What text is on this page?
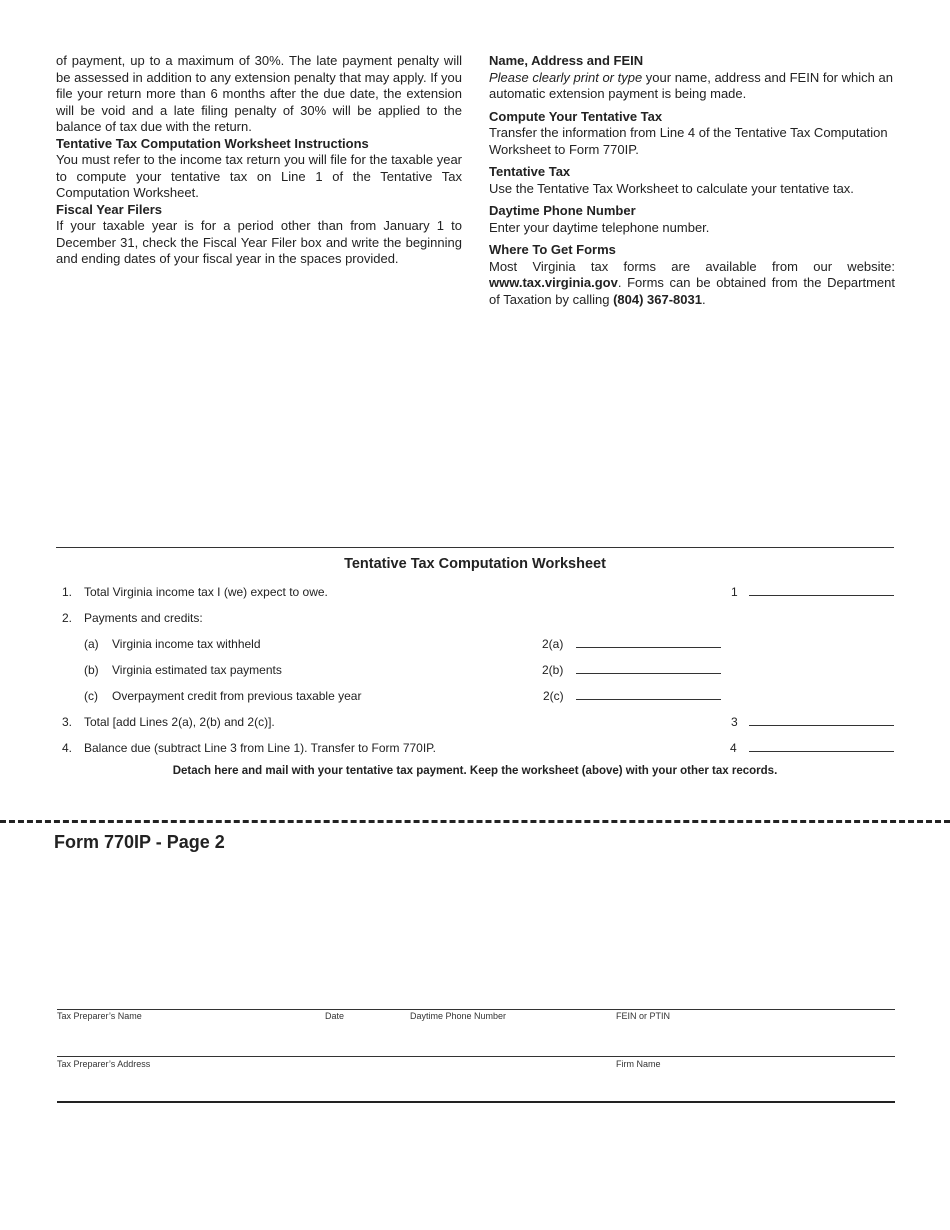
of payment, up to a maximum of 30%. The late payment penalty will be assessed in addition to any extension penalty that may apply. If you file your return more than 6 months after the due date, the extension will be void and a late filing penalty of 30% will be applied to the balance of tax due with the return.

Tentative Tax Computation Worksheet Instructions

You must refer to the income tax return you will file for the taxable year to compute your tentative tax on Line 1 of the Tentative Tax Computation Worksheet.

Fiscal Year Filers

If your taxable year is for a period other than from January 1 to December 31, check the Fiscal Year Filer box and write the beginning and ending dates of your fiscal year in the spaces provided.

Name, Address and FEIN

Please clearly print or type your name, address and FEIN for which an automatic extension payment is being made.

Compute Your Tentative Tax

Transfer the information from Line 4 of the Tentative Tax Computation Worksheet to Form 770IP.

Tentative Tax

Use the Tentative Tax Worksheet to calculate your tentative tax.

Daytime Phone Number

Enter your daytime telephone number.

Where To Get Forms

Most Virginia tax forms are available from our website: www.tax.virginia.gov. Forms can be obtained from the Department of Taxation by calling (804) 367-8031.

Tentative Tax Computation Worksheet
1. Total Virginia income tax I (we) expect to owe.	1
2. Payments and credits:
(a) Virginia income tax withheld	2(a)
(b) Virginia estimated tax payments	2(b)
(c) Overpayment credit from previous taxable year	2(c)
3. Total [add Lines 2(a), 2(b) and 2(c)].	3
4. Balance due (subtract Line 3 from Line 1). Transfer to Form 770IP.	4
Detach here and mail with your tentative tax payment. Keep the worksheet (above) with your other tax records.
Form 770IP - Page 2
Tax Preparer’s Name	Date	Daytime Phone Number	FEIN or PTIN
Tax Preparer’s Address	Firm Name
